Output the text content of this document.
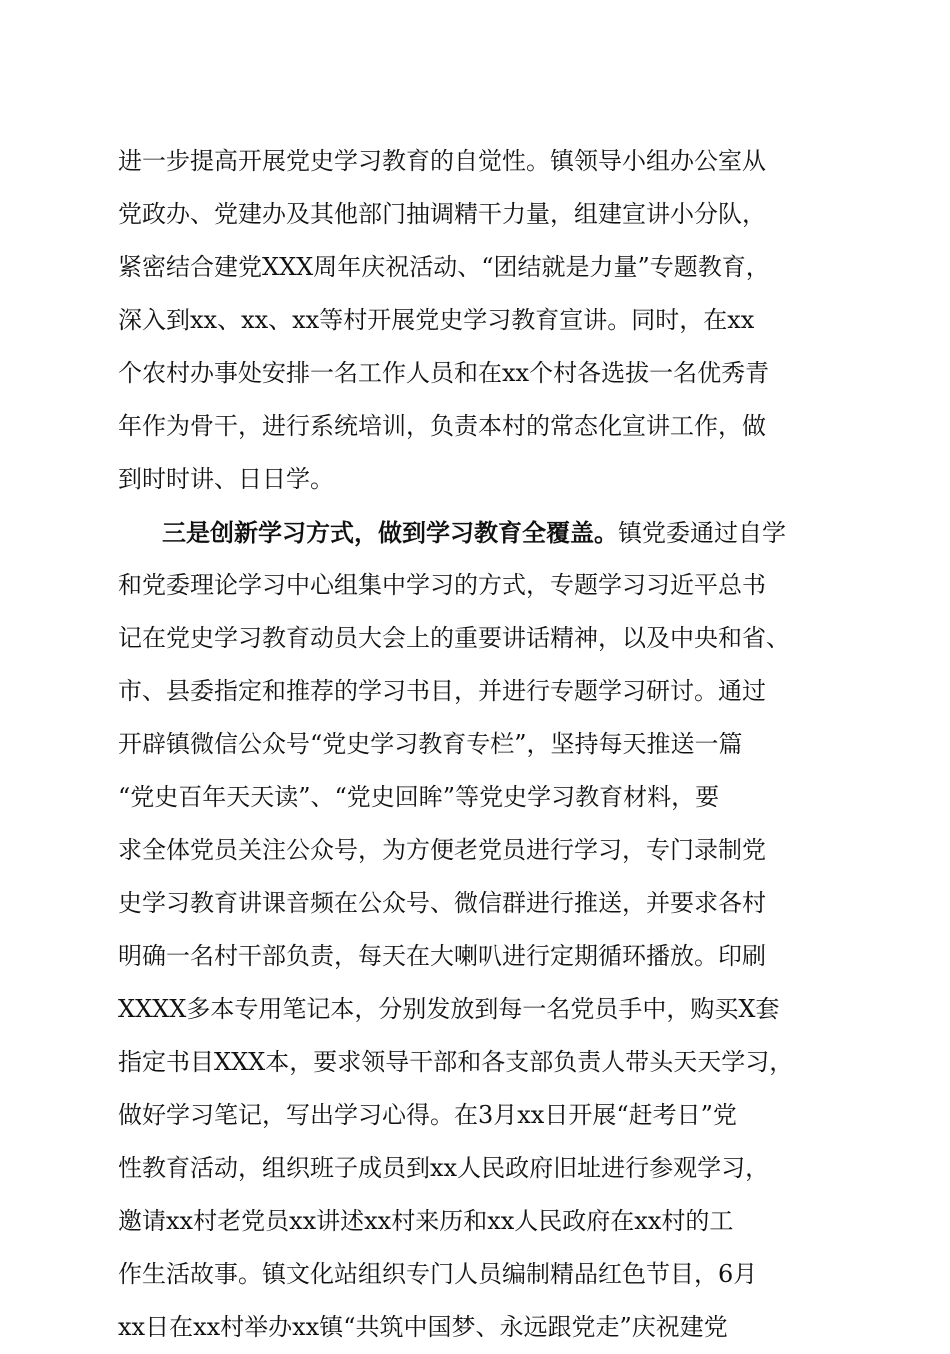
进一步提高开展党史学习教育的自觉性。镇领导小组办公室从
党政办、党建办及其他部门抽调精干力量，组建宣讲小分队，
紧密结合建党XXX周年庆祝活动、“团结就是力量”专题教育，
深入到xx、xx、xx等村开展党史学习教育宣讲。同时，在xx
个农村办事处安排一名工作人员和在xx个村各选拔一名优秀青
年作为骨干，进行系统培训，负责本村的常态化宣讲工作，做
到时时讲、日日学。
三是创新学习方式，做到学习教育全覆盖。镇党委通过自学
和党委理论学习中心组集中学习的方式，专题学习习近平总书
记在党史学习教育动员大会上的重要讲话精神，以及中央和省、
市、县委指定和推荐的学习书目，并进行专题学习研讨。通过
开辟镇微信公众号“党史学习教育专栏”，坚持每天推送一篇
“党史百年天天读”、“党史回眸”等党史学习教育材料，要
求全体党员关注公众号，为方便老党员进行学习，专门录制党
史学习教育讲课音频在公众号、微信群进行推送，并要求各村
明确一名村干部负责，每天在大喇叭进行定期循环播放。印刷
XXXX多本专用笔记本，分别发放到每一名党员手中，购买X套
指定书目XXX本，要求领导干部和各支部负责人带头天天学习，
做好学习笔记，写出学习心得。在3月xx日开展“赶考日”党
性教育活动，组织班子成员到xx人民政府旧址进行参观学习，
邀请xx村老党员xx讲述xx村来历和xx人民政府在xx村的工
作生活故事。镇文化站组织专门人员编制精品红色节目，6月
xx日在xx村举办xx镇“共筑中国梦、永远跟党走”庆祝建党
